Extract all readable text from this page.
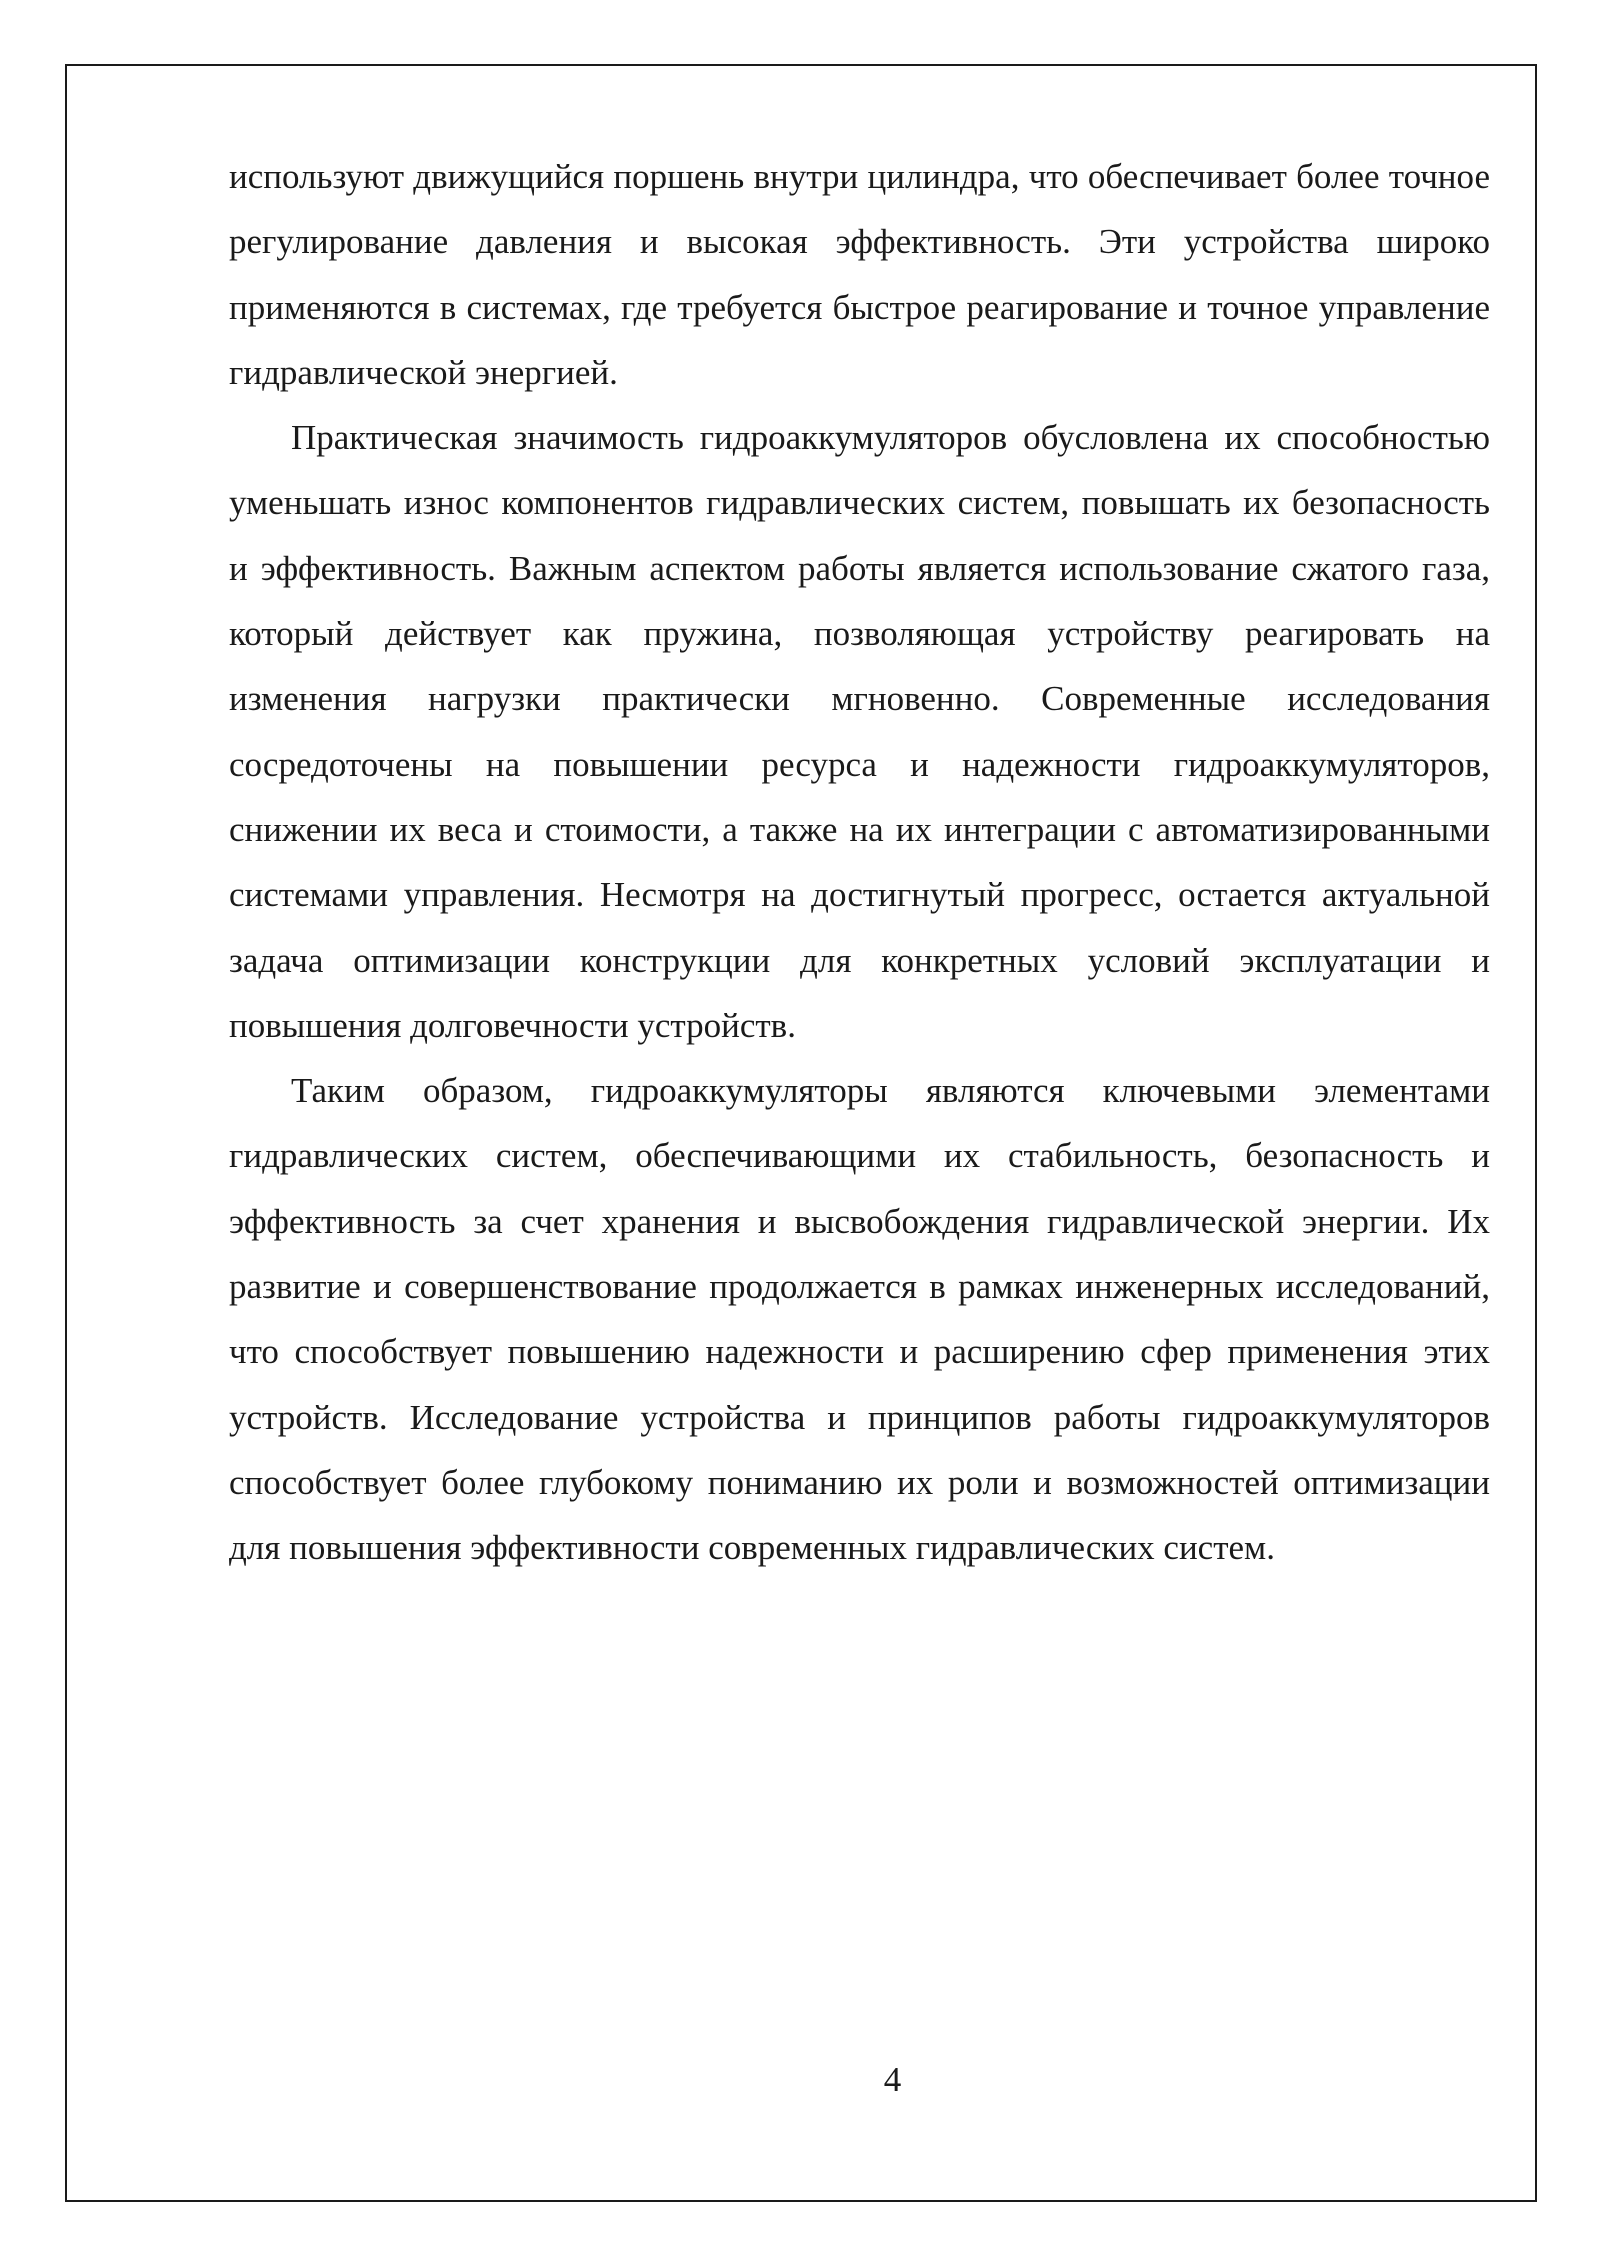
используют движущийся поршень внутри цилиндра, что обеспечивает более точное регулирование давления и высокая эффективность. Эти устройства широко применяются в системах, где требуется быстрое реагирование и точное управление гидравлической энергией.

Практическая значимость гидроаккумуляторов обусловлена их способностью уменьшать износ компонентов гидравлических систем, повышать их безопасность и эффективность. Важным аспектом работы является использование сжатого газа, который действует как пружина, позволяющая устройству реагировать на изменения нагрузки практически мгновенно. Современные исследования сосредоточены на повышении ресурса и надежности гидроаккумуляторов, снижении их веса и стоимости, а также на их интеграции с автоматизированными системами управления. Несмотря на достигнутый прогресс, остается актуальной задача оптимизации конструкции для конкретных условий эксплуатации и повышения долговечности устройств.

Таким образом, гидроаккумуляторы являются ключевыми элементами гидравлических систем, обеспечивающими их стабильность, безопасность и эффективность за счет хранения и высвобождения гидравлической энергии. Их развитие и совершенствование продолжается в рамках инженерных исследований, что способствует повышению надежности и расширению сфер применения этих устройств. Исследование устройства и принципов работы гидроаккумуляторов способствует более глубокому пониманию их роли и возможностей оптимизации для повышения эффективности современных гидравлических систем.

4
